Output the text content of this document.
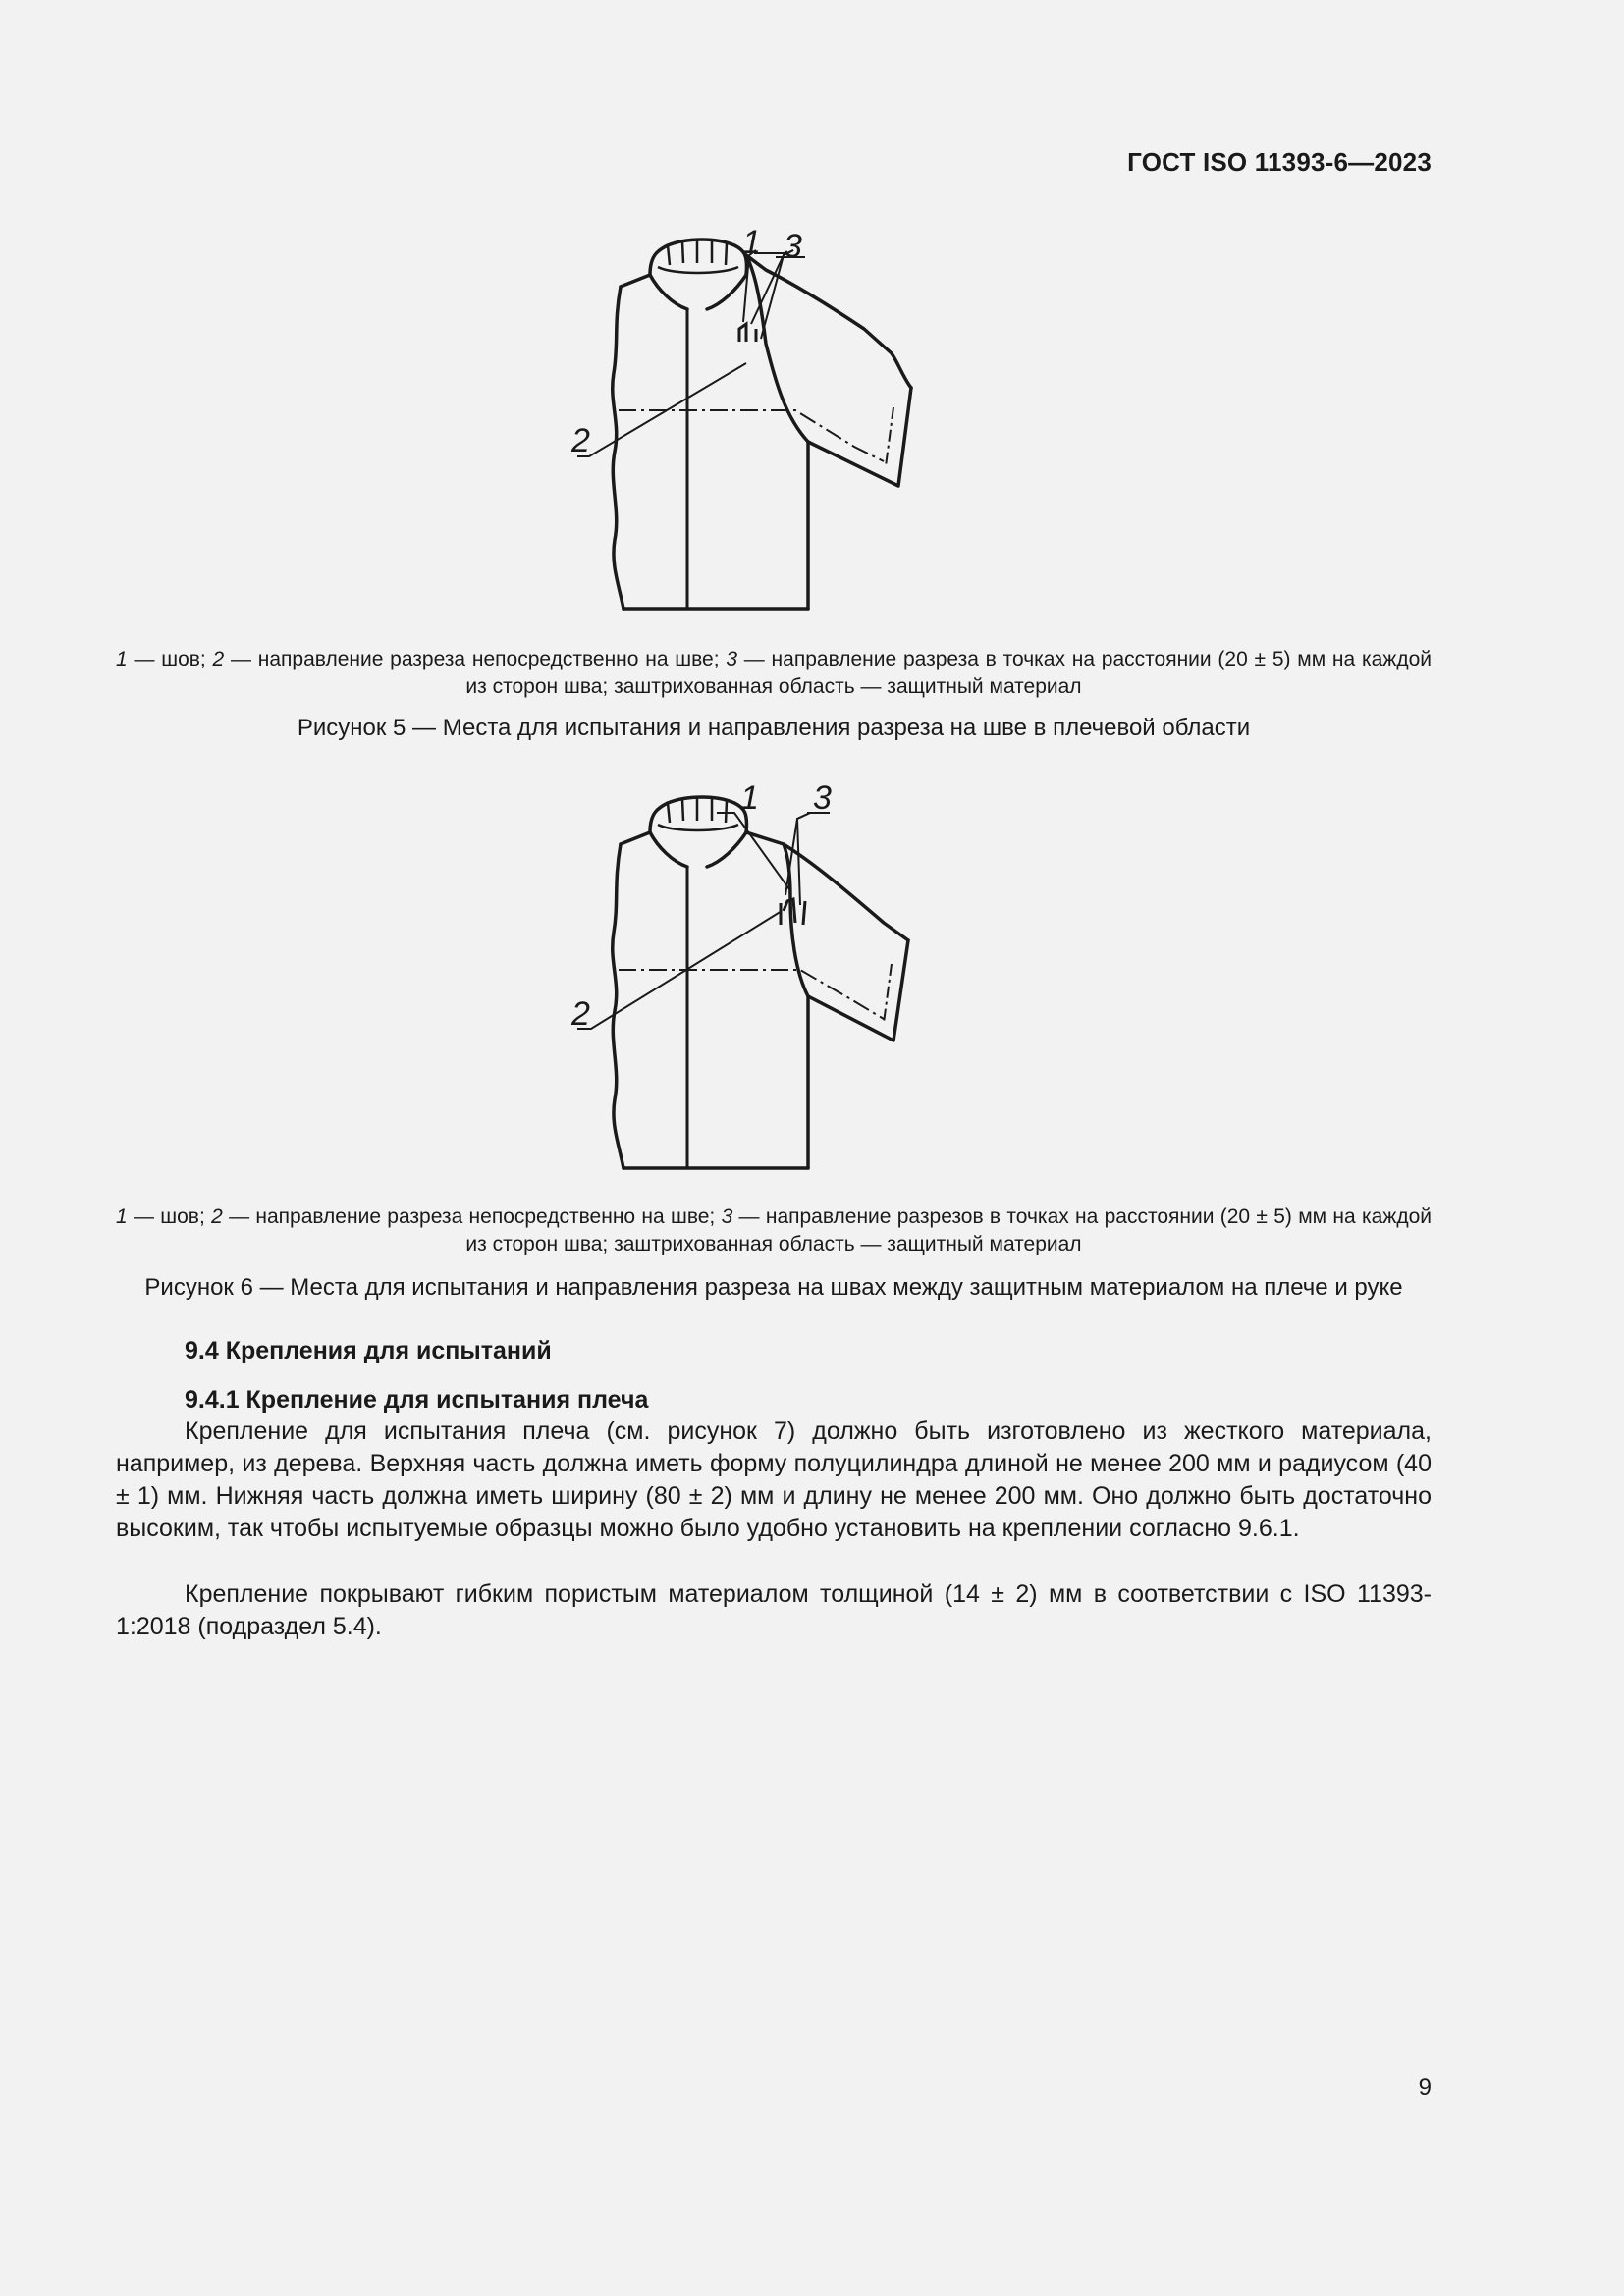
ГОСТ ISO 11393-6—2023
1 3
2
1 — шов; 2 — направление разреза непосредственно на шве; 3 — направление разреза в точках на расстоянии (20 ± 5) мм на каждой из сторон шва; заштрихованная область — защитный материал
Рисунок 5 — Места для испытания и направления разреза на шве в плечевой области
1 3
2
1 — шов; 2 — направление разреза непосредственно на шве; 3 — направление разрезов в точках на расстоянии (20 ± 5) мм на каждой из сторон шва; заштрихованная область — защитный материал
Рисунок 6 — Места для испытания и направления разреза на швах между защитным материалом на плече и руке
9.4 Крепления для испытаний
9.4.1 Крепление для испытания плеча
Крепление для испытания плеча (см. рисунок 7) должно быть изготовлено из жесткого материала, например, из дерева. Верхняя часть должна иметь форму полуцилиндра длиной не менее 200 мм и радиусом (40 ± 1) мм. Нижняя часть должна иметь ширину (80 ± 2) мм и длину не менее 200 мм. Оно должно быть достаточно высоким, так чтобы испытуемые образцы можно было удобно установить на креплении согласно 9.6.1.
Крепление покрывают гибким пористым материалом толщиной (14 ± 2) мм в соответствии с ISO 11393-1:2018 (подраздел 5.4).
9
